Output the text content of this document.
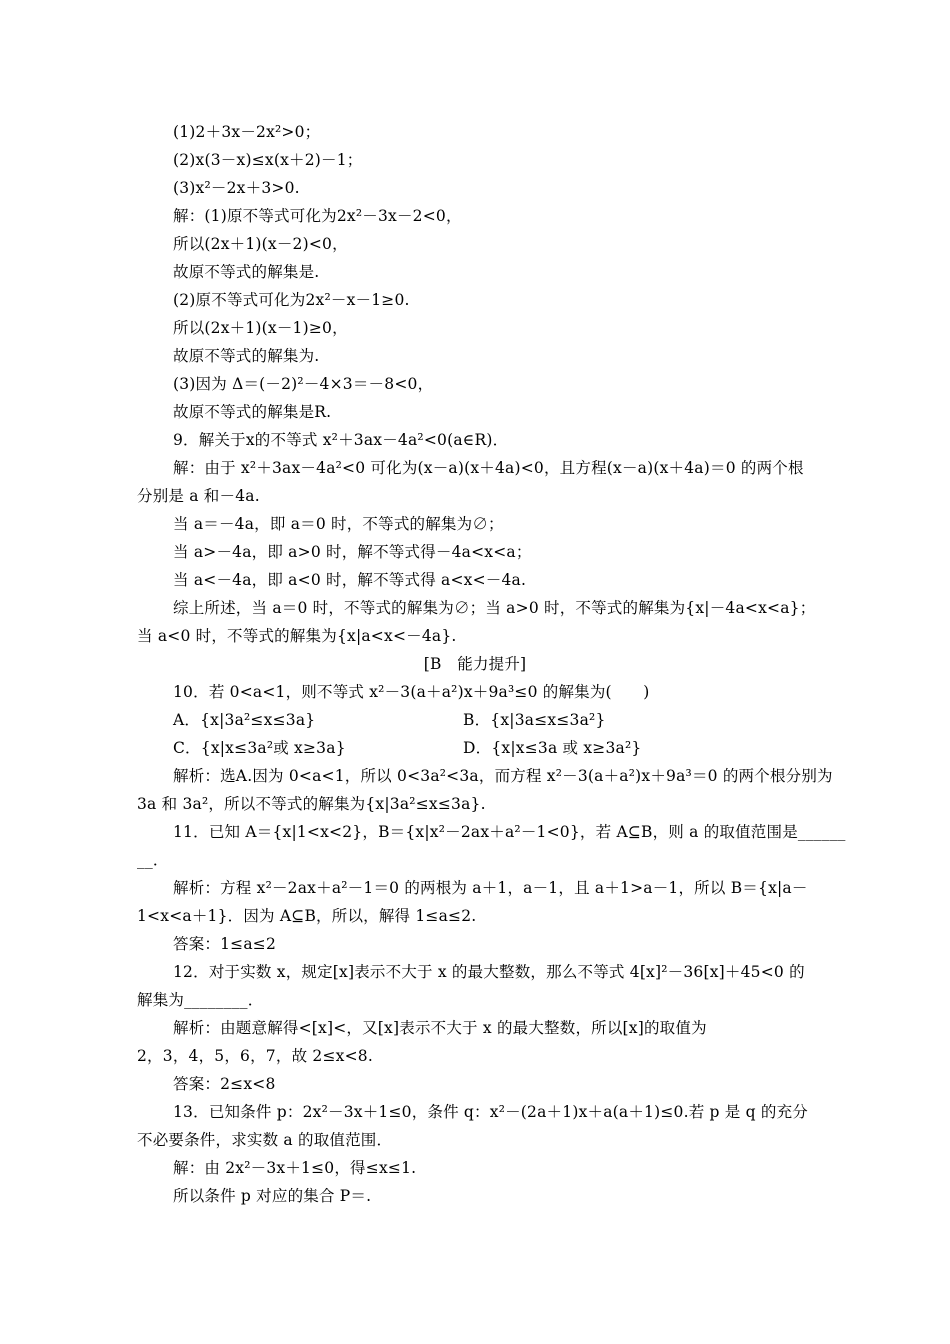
(1)2＋3x－2x²>0；
(2)x(3－x)≤x(x＋2)－1；
(3)x²－2x＋3>0.
解：(1)原不等式可化为2x²－3x－2<0，
所以(2x＋1)(x－2)<0，
故原不等式的解集是.
(2)原不等式可化为2x²－x－1≥0.
所以(2x＋1)(x－1)≥0，
故原不等式的解集为.
(3)因为 Δ＝(－2)²－4×3＝－8<0，
故原不等式的解集是R.
9．解关于x的不等式 x²＋3ax－4a²<0(a∈R)．
解：由于 x²＋3ax－4a²<0 可化为(x－a)(x＋4a)<0，且方程(x－a)(x＋4a)＝0 的两个根
分别是 a 和－4a.
当 a＝－4a，即 a＝0 时，不等式的解集为∅；
当 a>－4a，即 a>0 时，解不等式得－4a<x<a；
当 a<－4a，即 a<0 时，解不等式得 a<x<－4a.
综上所述，当 a＝0 时，不等式的解集为∅；当 a>0 时，不等式的解集为{x|－4a<x<a}；
当 a<0 时，不等式的解集为{x|a<x<－4a}.
[B　能力提升]
10．若 0<a<1，则不等式 x²－3(a＋a²)x＋9a³≤0 的解集为(　　)
A．{x|3a²≤x≤3a}	B．{x|3a≤x≤3a²}
C．{x|x≤3a²或 x≥3a}	D．{x|x≤3a 或 x≥3a²}
解析：选A.因为 0<a<1，所以 0<3a²<3a，而方程 x²－3(a＋a²)x＋9a³＝0 的两个根分别为
3a 和 3a²，所以不等式的解集为{x|3a²≤x≤3a}.
11．已知 A＝{x|1<x<2}，B＝{x|x²－2ax＋a²－1<0}，若 A⊆B，则 a 的取值范围是______
__．
解析：方程 x²－2ax＋a²－1＝0 的两根为 a＋1，a－1，且 a＋1>a－1，所以 B＝{x|a－
1<x<a＋1}．因为 A⊆B，所以，解得 1≤a≤2.
答案：1≤a≤2
12．对于实数 x，规定[x]表示不大于 x 的最大整数，那么不等式 4[x]²－36[x]＋45<0 的
解集为________．
解析：由题意解得<[x]<，又[x]表示不大于 x 的最大整数，所以[x]的取值为
2，3，4，5，6，7，故 2≤x<8.
答案：2≤x<8
13．已知条件 p：2x²－3x＋1≤0，条件 q：x²－(2a＋1)x＋a(a＋1)≤0.若 p 是 q 的充分
不必要条件，求实数 a 的取值范围．
解：由 2x²－3x＋1≤0，得≤x≤1.
所以条件 p 对应的集合 P＝.
